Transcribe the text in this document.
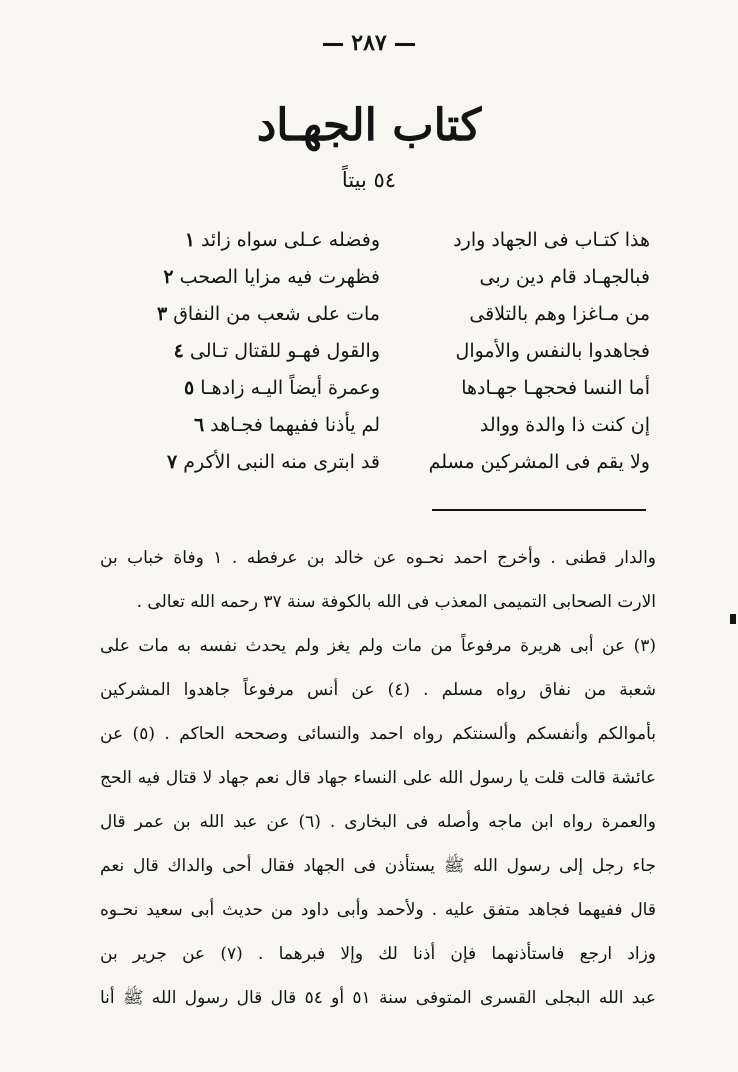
٢٨٧
كتاب الجهـاد
٥٤ بيتاً
هذا كتـاب فى الجهاد وارد
وفضله عـلى سواه زائد١
فبالجهـاد قام دين ربى
فظهرت فيه مزايا الصحب٢
من مـاغزا وهم بالتلاقى
مات على شعب من النفاق٣
فجاهدوا بالنفس والأموال
والقول فهـو للقتال تـالى٤
أما النسا فحجهـا جهـادها
وعمرة أيضاً اليـه زادهـا٥
إن كنت ذا والدة ووالد
لم يأذنا ففيهما فجـاهد٦
ولا يقم فى المشركين مسلم
قد ابترى منه النبى الأكرم٧
والدار قطنى . وأخرج احمد نحـوه عن خالد بن عرفطه . ١ وفاة خباب بن
الارت الصحابى التميمى المعذب فى الله بالكوفة سنة ٣٧ رحمه الله تعالى .
(٣) عن أبى هريرة مرفوعاً من مات ولم يغز ولم يحدث نفسه به مات على
شعبة من نفاق رواه مسلم . (٤) عن أنس مرفوعاً جاهدوا المشركين
بأموالكم وأنفسكم وألسنتكم رواه احمد والنسائى وصححه الحاكم . (٥) عن
عائشة قالت قلت يا رسول الله على النساء جهاد قال نعم جهاد لا قتال فيه الحج
والعمرة رواه ابن ماجه وأصله فى البخارى . (٦) عن عبد الله بن عمر قال
جاء رجل إلى رسول الله ﷺ يستأذن فى الجهاد فقال أحى والداك قال نعم
قال ففيهما فجاهد متفق عليه . ولأحمد وأبى داود من حديث أبى سعيد نحـوه
وزاد ارجع فاستأذنهما فإن أذنا لك وإلا فبرهما . (٧) عن جرير بن
عبد الله البجلى القسرى المتوفى سنة ٥١ أو ٥٤ قال قال رسول الله ﷺ أنا
